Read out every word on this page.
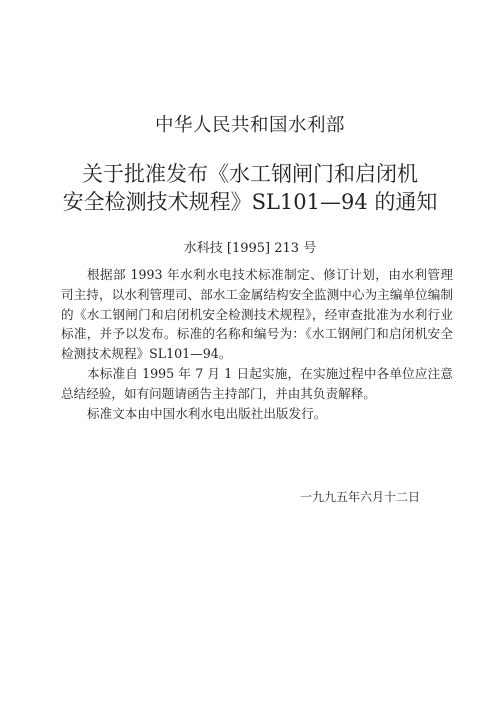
中华人民共和国水利部
关于批准发布《水工钢闸门和启闭机
安全检测技术规程》SL101—94 的通知
水科技 [1995] 213 号

根据部 1993 年水利水电技术标准制定、修订计划，由水利管理司主持，以水利管理司、部水工金属结构安全监测中心为主编单位编制的《水工钢闸门和启闭机安全检测技术规程》，经审查批准为水利行业标准，并予以发布。标准的名称和编号为：《水工钢闸门和启闭机安全检测技术规程》SL101—94。

本标准自 1995 年 7 月 1 日起实施，在实施过程中各单位应注意总结经验，如有问题请函告主持部门，并由其负责解释。

标准文本由中国水利水电出版社出版发行。

一九九五年六月十二日
